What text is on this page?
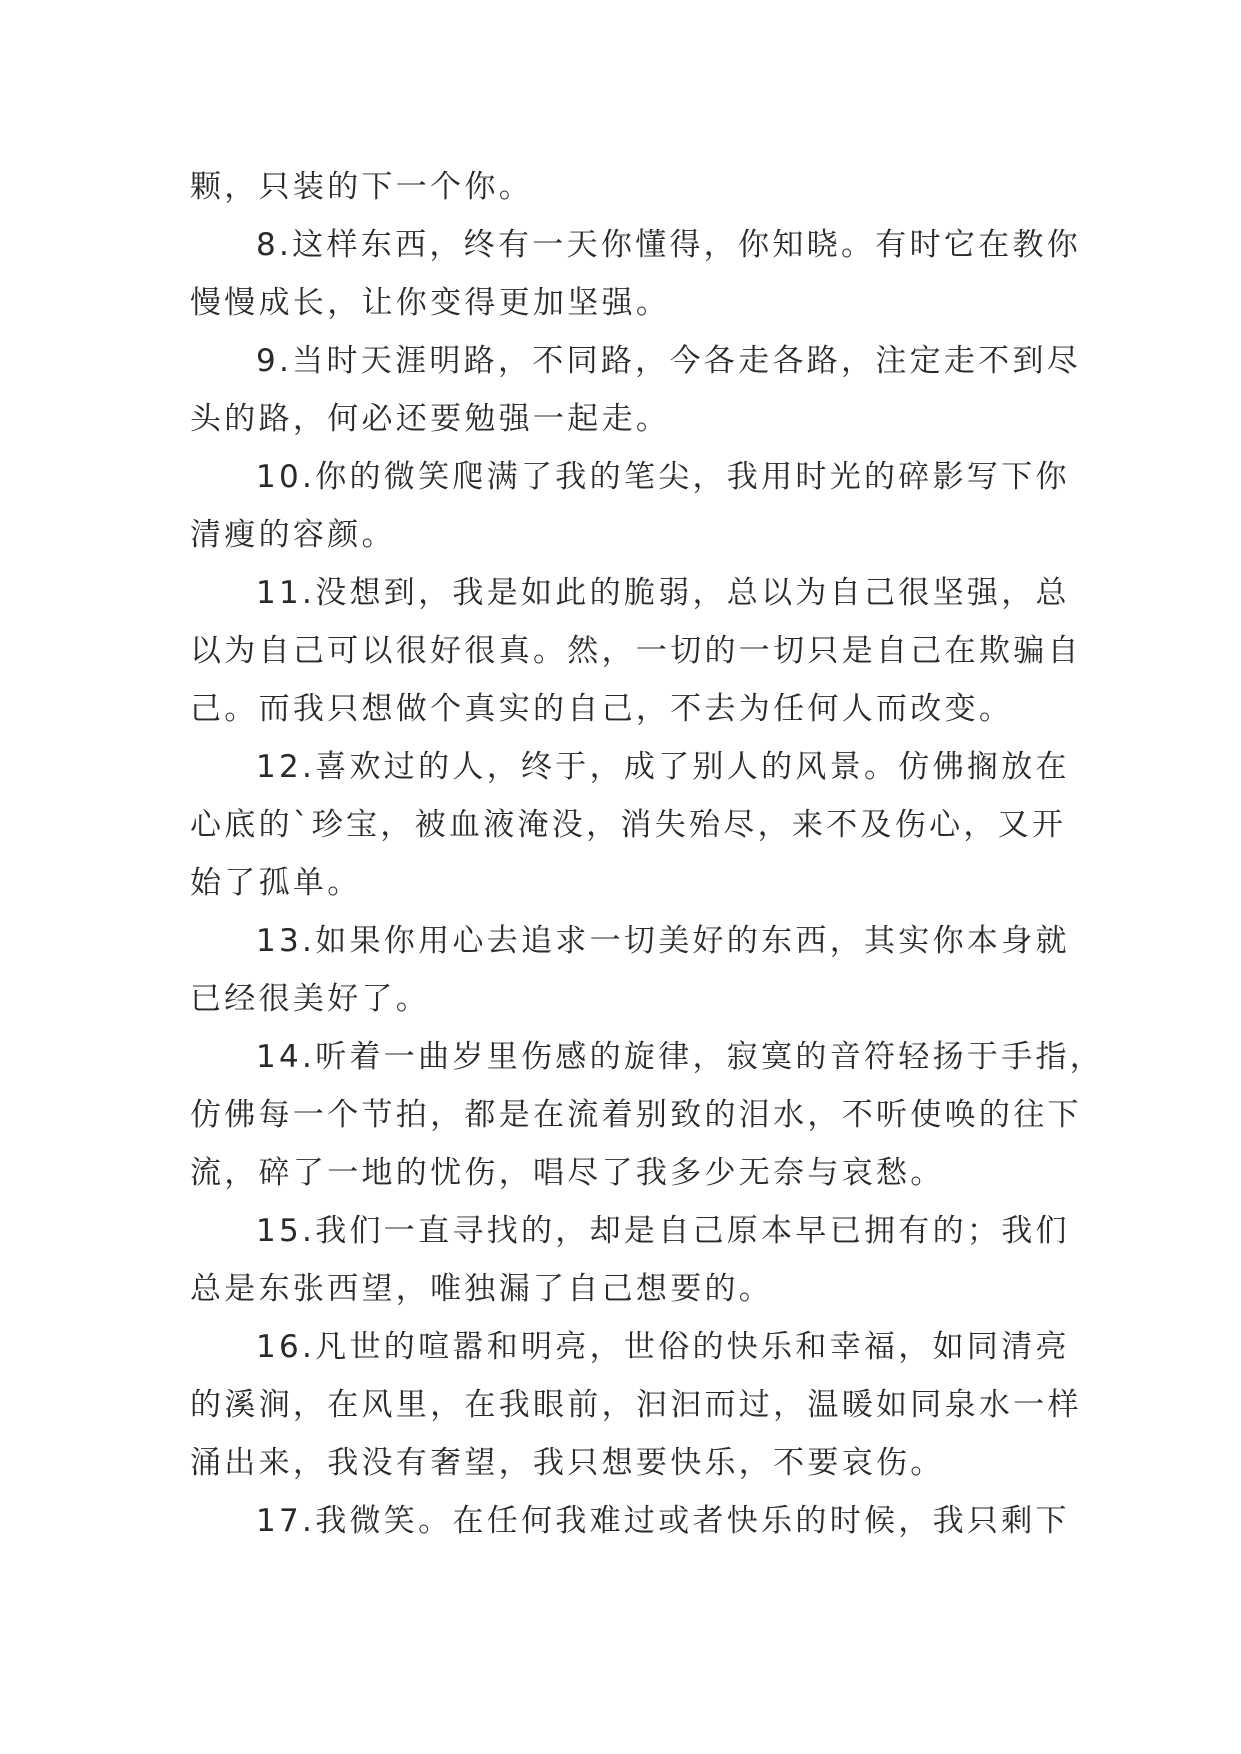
颗，只装的下一个你。

8.这样东西，终有一天你懂得，你知晓。有时它在教你
慢慢成长，让你变得更加坚强。

9.当时天涯明路，不同路，今各走各路，注定走不到尽
头的路，何必还要勉强一起走。

10.你的微笑爬满了我的笔尖，我用时光的碎影写下你
清瘦的容颜。

11.没想到，我是如此的脆弱，总以为自己很坚强，总
以为自己可以很好很真。然，一切的一切只是自己在欺骗自
己。而我只想做个真实的自己，不去为任何人而改变。

12.喜欢过的人，终于，成了别人的风景。仿佛搁放在
心底的`珍宝，被血液淹没，消失殆尽，来不及伤心，又开
始了孤单。

13.如果你用心去追求一切美好的东西，其实你本身就
已经很美好了。

14.听着一曲岁里伤感的旋律，寂寞的音符轻扬于手指，
仿佛每一个节拍，都是在流着别致的泪水，不听使唤的往下
流，碎了一地的忧伤，唱尽了我多少无奈与哀愁。

15.我们一直寻找的，却是自己原本早已拥有的；我们
总是东张西望，唯独漏了自己想要的。

16.凡世的喧嚣和明亮，世俗的快乐和幸福，如同清亮
的溪涧，在风里，在我眼前，汩汩而过，温暖如同泉水一样
涌出来，我没有奢望，我只想要快乐，不要哀伤。

17.我微笑。在任何我难过或者快乐的时候，我只剩下
